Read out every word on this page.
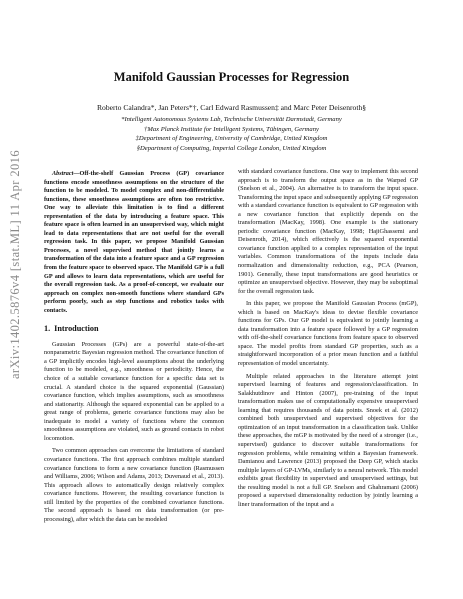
arXiv:1402.5876v4 [stat.ML] 11 Apr 2016
Manifold Gaussian Processes for Regression
Roberto Calandra*, Jan Peters*†, Carl Edward Rasmussen‡ and Marc Peter Deisenroth§
*Intelligent Autonomous Systems Lab, Technische Universität Darmstadt, Germany
†Max Planck Institute for Intelligent Systems, Tübingen, Germany
‡Department of Engineering, University of Cambridge, United Kingdom
§Department of Computing, Imperial College London, United Kingdom

Abstract—Off-the-shelf Gaussian Process (GP) covariance functions encode smoothness assumptions on the structure of the function to be modeled. To model complex and non-differentiable functions, these smoothness assumptions are often too restrictive. One way to alleviate this limitation is to find a different representation of the data by introducing a feature space. This feature space is often learned in an unsupervised way, which might lead to data representations that are not useful for the overall regression task. In this paper, we propose Manifold Gaussian Processes, a novel supervised method that jointly learns a transformation of the data into a feature space and a GP regression from the feature space to observed space. The Manifold GP is a full GP and allows to learn data representations, which are useful for the overall regression task. As a proof-of-concept, we evaluate our approach on complex non-smooth functions where standard GPs perform poorly, such as step functions and robotics tasks with contacts.

1. Introduction

Gaussian Processes (GPs) are a powerful state-of-the-art nonparametric Bayesian regression method. The covariance function of a GP implicitly encodes high-level assumptions about the underlying function to be modeled, e.g., smoothness or periodicity. Hence, the choice of a suitable covariance function for a specific data set is crucial. A standard choice is the squared exponential (Gaussian) covariance function, which implies assumptions, such as smoothness and stationarity. Although the squared exponential can be applied to a great range of problems, generic covariance functions may also be inadequate to model a variety of functions where the common smoothness assumptions are violated, such as ground contacts in robot locomotion.

Two common approaches can overcome the limitations of standard covariance functions. The first approach combines multiple standard covariance functions to form a new covariance function (Rasmussen and Williams, 2006; Wilson and Adams, 2013; Duvenaud et al., 2013). This approach allows to automatically design relatively complex covariance functions. However, the resulting covariance function is still limited by the properties of the combined covariance functions. The second approach is based on data transformation (or pre-processing), after which the data can be modeled

with standard covariance functions. One way to implement this second approach is to transform the output space as in the Warped GP (Snelson et al., 2004). An alternative is to transform the input space. Transforming the input space and subsequently applying GP regression with a standard covariance function is equivalent to GP regression with a new covariance function that explicitly depends on the transformation (MacKay, 1998). One example is the stationary periodic covariance function (MacKay, 1998; HajiGhassemi and Deisenroth, 2014), which effectively is the squared exponential covariance function applied to a complex representation of the input variables. Common transformations of the inputs include data normalization and dimensionality reduction, e.g., PCA (Pearson, 1901). Generally, these input transformations are good heuristics or optimize an unsupervised objective. However, they may be suboptimal for the overall regression task.

In this paper, we propose the Manifold Gaussian Process (mGP), which is based on MacKay's ideas to devise flexible covariance functions for GPs. Our GP model is equivalent to jointly learning a data transformation into a feature space followed by a GP regression with off-the-shelf covariance functions from feature space to observed space. The model profits from standard GP properties, such as a straightforward incorporation of a prior mean function and a faithful representation of model uncertainty.

Multiple related approaches in the literature attempt joint supervised learning of features and regression/classification. In Salakhutdinov and Hinton (2007), pre-training of the input transformation makes use of computationally expensive unsupervised learning that requires thousands of data points. Snoek et al. (2012) combined both unsupervised and supervised objectives for the optimization of an input transformation in a classification task. Unlike these approaches, the mGP is motivated by the need of a stronger (i.e., supervised) guidance to discover suitable transformations for regression problems, while remaining within a Bayesian framework. Damianou and Lawrence (2013) proposed the Deep GP, which stacks multiple layers of GP-LVMs, similarly to a neural network. This model exhibits great flexibility in supervised and unsupervised settings, but the resulting model is not a full GP. Snelson and Ghahramani (2006) proposed a supervised dimensionality reduction by jointly learning a liner transformation of the input and a
